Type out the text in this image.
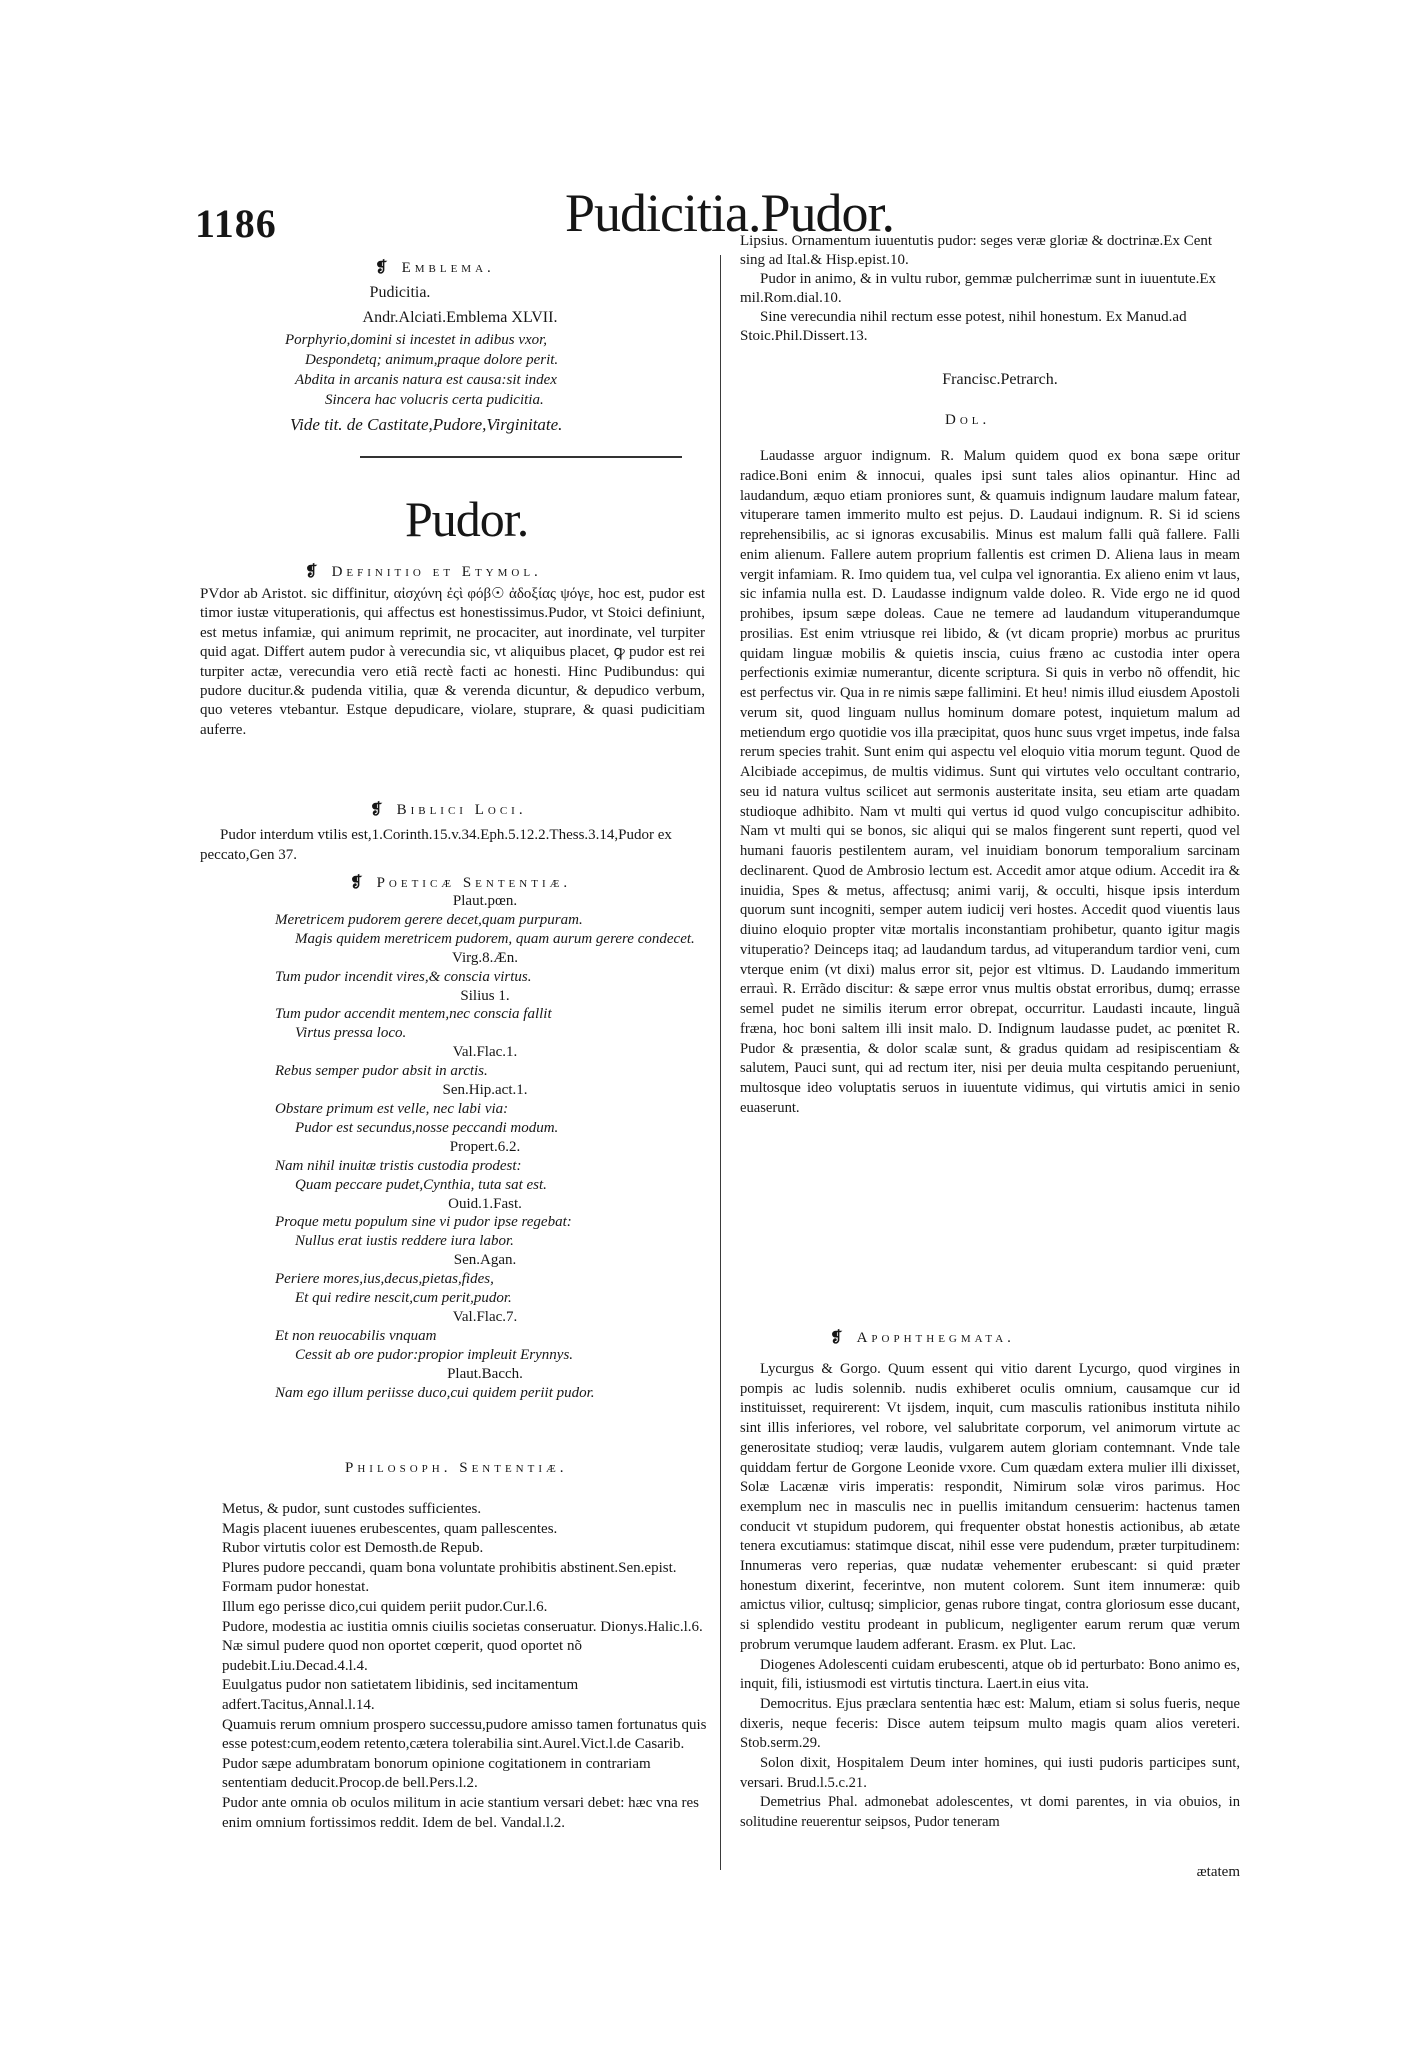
1186	Pudicitia.Pudor.
❡ Emblema.
Pudicitia.
Andr.Alciati.Emblema XLVII.
Porphyrio,domini si incestet in adibus vxor,
Despondetq; animum,praque dolore perit.
Abdita in arcanis natura est causa:sit index
Sincera hac volucris certa pudicitia.
Vide tit. de Castitate,Pudore,Virginitate.
Pudor.
❡ Definitio et Etymol.
PVdor ab Aristot. sic diffinitur, αἰσχύνη ἐςὶ φόβ☉ ἀδοξίας ψόγε, hoc est, pudor est timor iustæ vituperationis, qui affectus est honestissimus.Pudor, vt Stoici definiunt, est metus infamiæ, qui animum reprimit, ne procaciter, aut inordinate, vel turpiter quid agat. Differt autem pudor à verecundia sic, vt aliquibus placet, ꝙ pudor est rei turpiter actæ, verecundia vero etiã rectè facti ac honesti. Hinc Pudibundus: qui pudore ducitur.& pudenda vitilia, quæ & verenda dicuntur, & depudico verbum, quo veteres vtebantur. Estque depudicare, violare, stuprare, & quasi pudicitiam auferre.
❡ Biblici Loci.
Pudor interdum vtilis est,1.Corinth.15.v.34.Eph.5.12.2.Thess.3.14,Pudor ex peccato,Gen 37.
❡ Poeticæ Sententiæ.
Plaut.pœn.
Meretricem pudorem gerere decet,quam purpuram.
Magis quidem meretricem pudorem, quam aurum gerere condecet.
Virg.8.Æn.
Tum pudor incendit vires,& conscia virtus.
Silius 1.
Tum pudor accendit mentem,nec conscia fallit
Virtus pressa loco.
Val.Flac.1.
Rebus semper pudor absit in arctis.
Sen.Hip.act.1.
Obstare primum est velle, nec labi via:
Pudor est secundus,nosse peccandi modum.
Propert.6.2.
Nam nihil inuitæ tristis custodia prodest:
Quam peccare pudet,Cynthia, tuta sat est.
Ouid.1.Fast.
Proque metu populum sine vi pudor ipse regebat:
Nullus erat iustis reddere iura labor.
Sen.Agan.
Periere mores,ius,decus,pietas,fides,
Et qui redire nescit,cum perit,pudor.
Val.Flac.7.
Et non reuocabilis vnquam
Cessit ab ore pudor:propior impleuit Erynnys.
Plaut.Bacch.
Nam ego illum periisse duco,cui quidem periit pudor.
Philosoph. Sententiæ.
Metus, & pudor, sunt custodes sufficientes.
Magis placent iuuenes erubescentes, quam pallescentes.
Rubor virtutis color est Demosth.de Repub.
Plures pudore peccandi, quam bona voluntate prohibitis abstinent.Sen.epist.
Formam pudor honestat.
Illum ego perisse dico,cui quidem periit pudor.Cur.l.6.
Pudore, modestia ac iustitia omnis ciuilis societas conseruatur. Dionys.Halic.l.6.
Næ simul pudere quod non oportet cœperit, quod oportet nõ pudebit.Liu.Decad.4.l.4.
Euulgatus pudor non satietatem libidinis, sed incitamentum adfert.Tacitus,Annal.l.14.
Quamuis rerum omnium prospero successu,pudore amisso tamen fortunatus quis esse potest:cum,eodem retento,cætera tolerabilia sint.Aurel.Vict.l.de Casarib.
Pudor sæpe adumbratam bonorum opinione cogitationem in contrariam sententiam deducit.Procop.de bell.Pers.l.2.
Pudor ante omnia ob oculos militum in acie stantium versari debet: hæc vna res enim omnium fortissimos reddit. Idem de bel. Vandal.l.2.
Lipsius. Ornamentum iuuentutis pudor: seges veræ gloriæ & doctrinæ.Ex Cent sing ad Ital.& Hisp.epist.10.
Pudor in animo, & in vultu rubor, gemmæ pulcherrimæ sunt in iuuentute.Ex mil.Rom.dial.10.
Sine verecundia nihil rectum esse potest, nihil honestum. Ex Manud.ad Stoic.Phil.Dissert.13.
Francisc.Petrarch.
Dol.
Laudasse arguor indignum. R. Malum quidem quod ex bona sæpe oritur radice.Boni enim & innocui, quales ipsi sunt tales alios opinantur. Hinc ad laudandum, æquo etiam proniores sunt, & quamuis indignum laudare malum fatear, vituperare tamen immerito multo est pejus. D. Laudaui indignum. R. Si id sciens reprehensibilis, ac si ignoras excusabilis. Minus est malum falli quã fallere. Falli enim alienum. Fallere autem proprium fallentis est crimen D. Aliena laus in meam vergit infamiam. R. Imo quidem tua, vel culpa vel ignorantia. Ex alieno enim vt laus, sic infamia nulla est. D. Laudasse indignum valde doleo. R. Vide ergo ne id quod prohibes, ipsum sæpe doleas. Caue ne temere ad laudandum vituperandumque prosilias. Est enim vtriusque rei libido, & (vt dicam proprie) morbus ac pruritus quidam linguæ mobilis & quietis inscia, cuius fræno ac custodia inter opera perfectionis eximiæ numerantur, dicente scriptura. Si quis in verbo nõ offendit, hic est perfectus vir. Qua in re nimis sæpe fallimini. Et heu! nimis illud eiusdem Apostoli verum sit, quod linguam nullus hominum domare potest, inquietum malum ad metiendum ergo quotidie vos illa præcipitat, quos hunc suus vrget impetus, inde falsa rerum species trahit. Sunt enim qui aspectu vel eloquio vitia morum tegunt. Quod de Alcibiade accepimus, de multis vidimus. Sunt qui virtutes velo occultant contrario, seu id natura vultus scilicet aut sermonis austeritate insita, seu etiam arte quadam studioque adhibito. Nam vt multi qui vertus id quod vulgo concupiscitur adhibito. Nam vt multi qui se bonos, sic aliqui qui se malos fingerent sunt reperti, quod vel humani fauoris pestilentem auram, vel inuidiam bonorum temporalium sarcinam declinarent. Quod de Ambrosio lectum est. Accedit amor atque odium. Accedit ira & inuidia, Spes & metus, affectusq; animi varij, & occulti, hisque ipsis interdum quorum sunt incogniti, semper autem iudicij veri hostes. Accedit quod viuentis laus diuino eloquio propter vitæ mortalis inconstantiam prohibetur, quanto igitur magis vituperatio? Deinceps itaq; ad laudandum tardus, ad vituperandum tardior veni, cum vterque enim (vt dixi) malus error sit, pejor est vltimus. D. Laudando immeritum errauì. R. Errãdo discitur: & sæpe error vnus multis obstat erroribus, dumq; errasse semel pudet ne similis iterum error obrepat, occurritur. Laudasti incaute, linguã fræna, hoc boni saltem illi insit malo. D. Indignum laudasse pudet, ac pœnitet R. Pudor & præsentia, & dolor scalæ sunt, & gradus quidam ad resipiscentiam & salutem, Pauci sunt, qui ad rectum iter, nisi per deuia multa cespitando perueniunt, multosque ideo voluptatis seruos in iuuentute vidimus, qui virtutis amici in senio euaserunt.
❡ Apophthegmata.
Lycurgus & Gorgo. Quum essent qui vitio darent Lycurgo, quod virgines in pompis ac ludis solennib. nudis exhiberet oculis omnium, causamque cur id instituisset, requirerent: Vt ijsdem, inquit, cum masculis rationibus instituta nihilo sint illis inferiores, vel robore, vel salubritate corporum, vel animorum virtute ac generositate studioq; veræ laudis, vulgarem autem gloriam contemnant. Vnde tale quiddam fertur de Gorgone Leonide vxore. Cum quædam extera mulier illi dixisset, Solæ Lacænæ viris imperatis: respondit, Nimirum solæ viros parimus. Hoc exemplum nec in masculis nec in puellis imitandum censuerim: hactenus tamen conducit vt stupidum pudorem, qui frequenter obstat honestis actionibus, ab ætate tenera excutiamus: statimque discat, nihil esse vere pudendum, præter turpitudinem: Innumeras vero reperias, quæ nudatæ vehementer erubescant: si quid præter honestum dixerint, fecerintve, non mutent colorem. Sunt item innumeræ: quib amictus vilior, cultusq; simplicior, genas rubore tingat, contra gloriosum esse ducant, si splendido vestitu prodeant in publicum, negligenter earum rerum quæ verum probrum verumque laudem adferant. Erasm. ex Plut. Lac.
Diogenes Adolescenti cuidam erubescenti, atque ob id perturbato: Bono animo es, inquit, fili, istiusmodi est virtutis tinctura. Laert.in eius vita.
Democritus. Ejus præclara sententia hæc est: Malum, etiam si solus fueris, neque dixeris, neque feceris: Disce autem teipsum multo magis quam alios vereteri. Stob.serm.29.
Solon dixit, Hospitalem Deum inter homines, qui iusti pudoris participes sunt, versari. Brud.l.5.c.21.
Demetrius Phal. admonebat adolescentes, vt domi parentes, in via obuios, in solitudine reuerentur seipsos, Pudor teneram
ætatem
